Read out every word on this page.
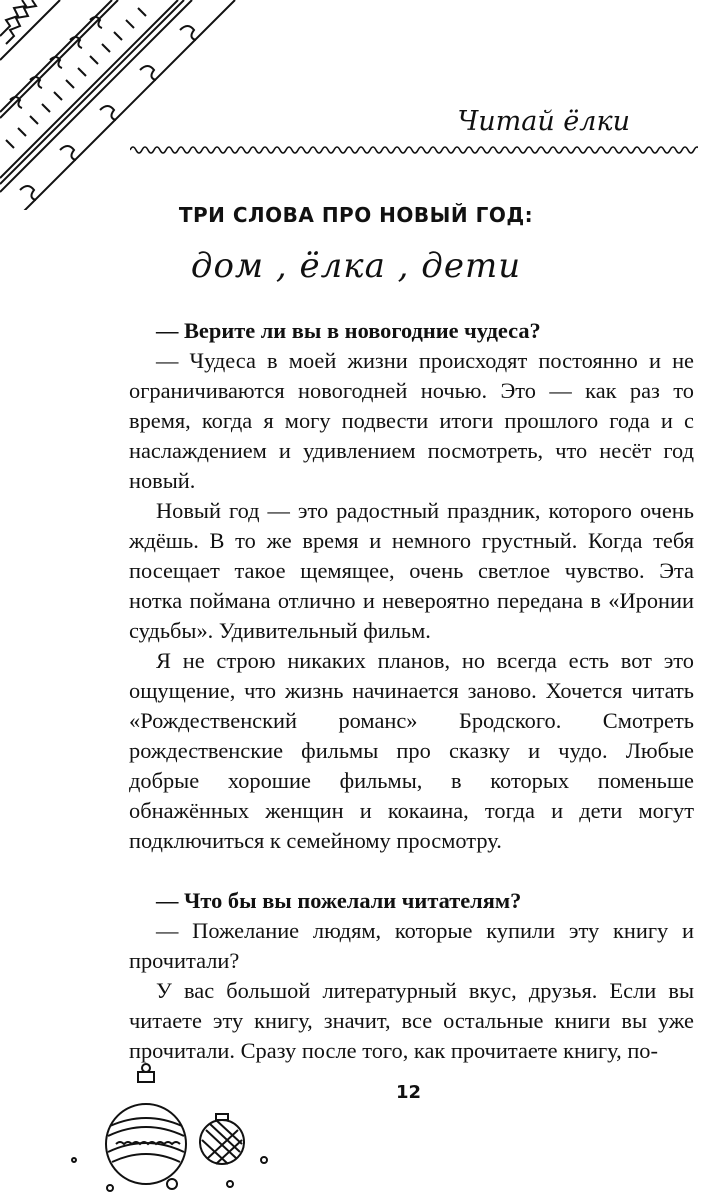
Читай ёлки
ТРИ СЛОВА ПРО НОВЫЙ ГОД:
дом , ёлка , дети

— Верите ли вы в новогодние чудеса?

— Чудеса в моей жизни происходят постоянно и не ограничиваются новогодней ночью. Это — как раз то время, когда я могу подвести итоги прошлого года и с наслаждением и удивлением посмотреть, что несёт год новый.

Новый год — это радостный праздник, которого очень ждёшь. В то же время и немного грустный. Когда тебя посещает такое щемящее, очень светлое чувство. Эта нотка поймана отлично и невероятно передана в «Иронии судьбы». Удивительный фильм.

Я не строю никаких планов, но всегда есть вот это ощущение, что жизнь начинается заново. Хочется читать «Рождественский романс» Бродского. Смотреть рождественские фильмы про сказку и чудо. Любые добрые хорошие фильмы, в которых поменьше обнажённых женщин и кокаина, тогда и дети могут подключиться к семейному просмотру.

— Что бы вы пожелали читателям?

— Пожелание людям, которые купили эту книгу и прочитали?

У вас большой литературный вкус, друзья. Если вы читаете эту книгу, значит, все остальные книги вы уже прочитали. Сразу после того, как прочитаете книгу, по-

12
